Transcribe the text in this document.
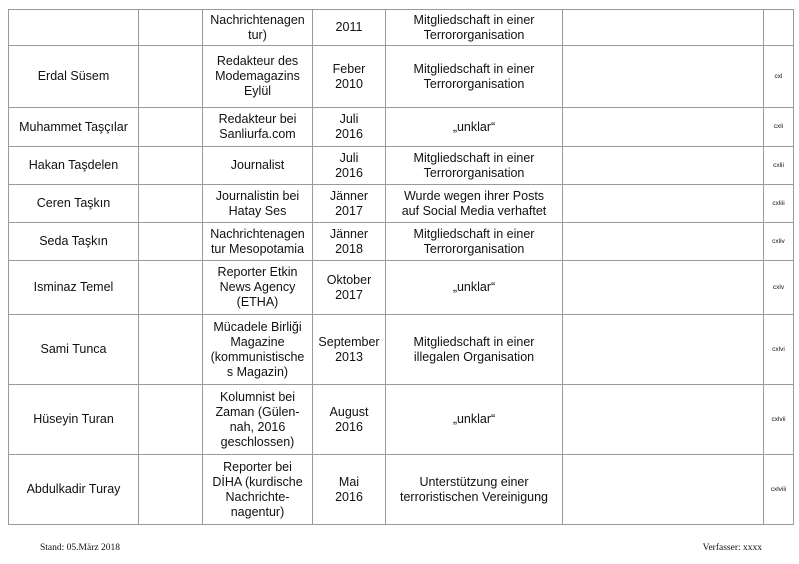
		Nachrichtenagen
tur)	2011	Mitgliedschaft in einer
Terrororganisation		
Erdal Süsem		Redakteur des
Modemagazins
Eylül	Feber
2010	Mitgliedschaft in einer
Terrororganisation		cxl
Muhammet Taşçılar		Redakteur bei
Sanliurfa.com	Juli
2016	„unklar“		cxli
Hakan Taşdelen		Journalist	Juli
2016	Mitgliedschaft in einer
Terrororganisation		cxlii
Ceren Taşkın		Journalistin bei
Hatay Ses	Jänner
2017	Wurde wegen ihrer Posts
auf Social Media verhaftet		cxliii
Seda Taşkın		Nachrichtenagen
tur Mesopotamia	Jänner
2018	Mitgliedschaft in einer
Terrororganisation		cxliv
Isminaz Temel		Reporter Etkin
News Agency
(ETHA)	Oktober
2017	„unklar“		cxlv
Sami Tunca		Mücadele Birliği
Magazine
(kommunistische
s Magazin)	September
2013	Mitgliedschaft in einer
illegalen Organisation		cxlvi
Hüseyin Turan		Kolumnist bei
Zaman (Gülen-
nah, 2016
geschlossen)	August
2016	„unklar“		cxlvii
Abdulkadir Turay		Reporter bei
DİHA (kurdische
Nachrichte-
nagentur)	Mai
2016	Unterstützung einer
terroristischen Vereinigung		cxlviii
Stand: 05.März 2018	Verfasser: xxxx
